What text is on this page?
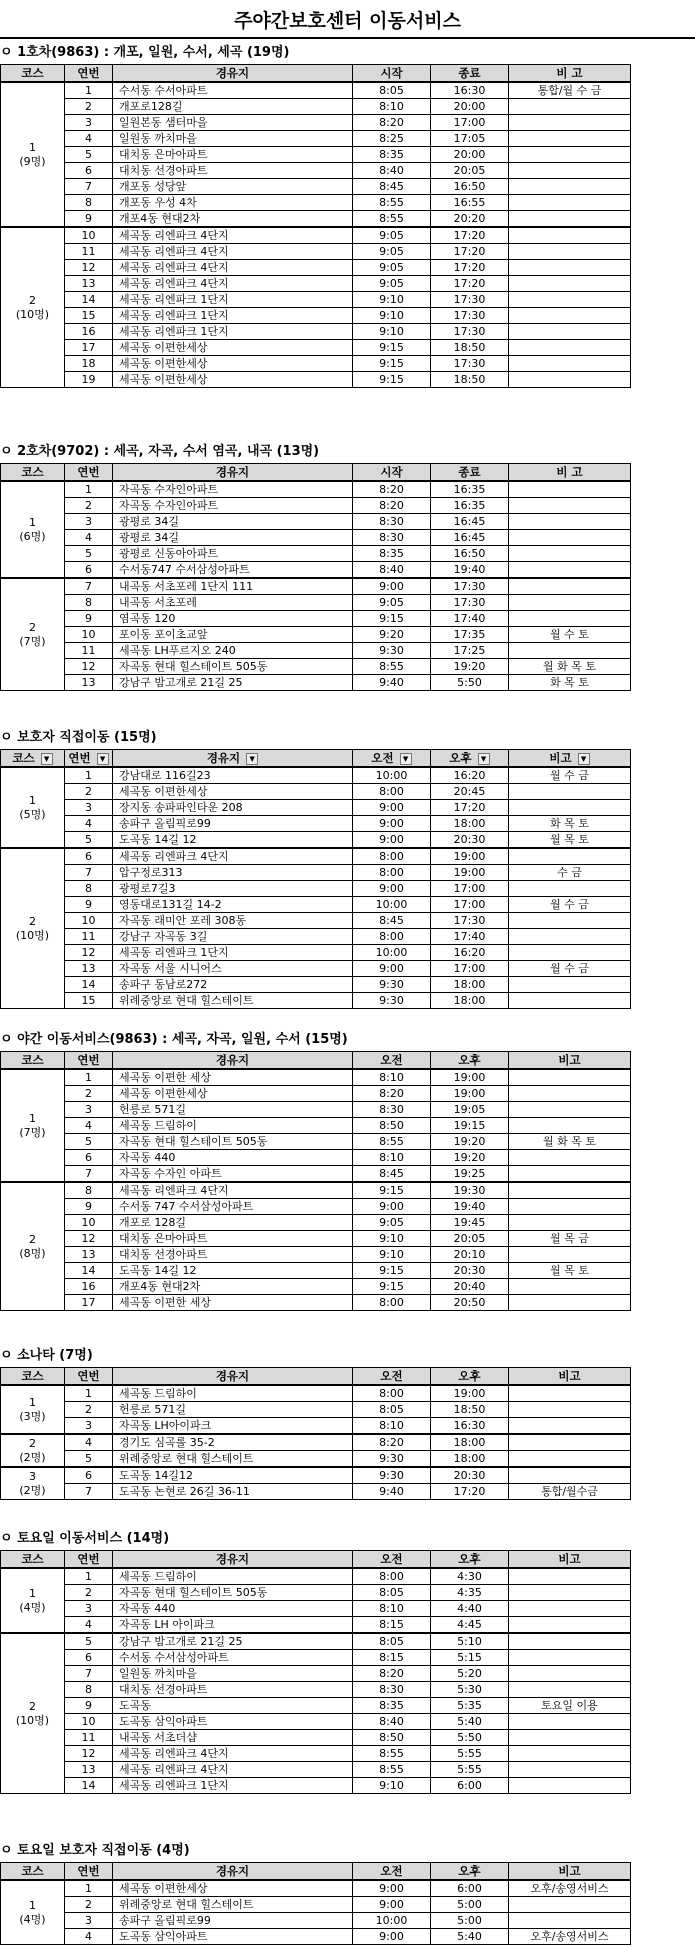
주야간보호센터 이동서비스
ㅇ 1호차(9863) : 개포, 일원, 수서, 세곡 (19명)
코스	연번	경유지	시작	종료	비 고

1
(9명)	1	수서동 수서아파트	8:05	16:30	통합/월 수 금
	2	개포로128길	8:10	20:00	
	3	일원본동 샘터마을	8:20	17:00	
	4	일원동 까치마을	8:25	17:05	
	5	대치동 은마아파트	8:35	20:00	
	6	대치동 선경아파트	8:40	20:05	
	7	개포동 성당앞	8:45	16:50	
	8	개포동 우성 4차	8:55	16:55	
	9	개포4동 현대2차	8:55	20:20	

2
(10명)	10	세곡동 리엔파크 4단지	9:05	17:20	
	11	세곡동 리엔파크 4단지	9:05	17:20	
	12	세곡동 리엔파크 4단지	9:05	17:20	
	13	세곡동 리엔파크 4단지	9:05	17:20	
	14	세곡동 리엔파크 1단지	9:10	17:30	
	15	세곡동 리엔파크 1단지	9:10	17:30	
	16	세곡동 리엔파크 1단지	9:10	17:30	
	17	세곡동 이편한세상	9:15	18:50	
	18	세곡동 이편한세상	9:15	17:30	
	19	세곡동 이편한세상	9:15	18:50	
ㅇ 2호차(9702) : 세곡, 자곡, 수서 염곡, 내곡 (13명)
코스	연번	경유지	시작	종료	비 고

1
(6명)	1	자곡동 수자인아파트	8:20	16:35	
	2	자곡동 수자인아파트	8:20	16:35	
	3	광평로 34길	8:30	16:45	
	4	광평로 34길	8:30	16:45	
	5	광평로 신동아아파트	8:35	16:50	
	6	수서동747 수서삼성아파트	8:40	19:40	

2
(7명)	7	내곡동 서초포레 1단지 111	9:00	17:30	
	8	내곡동 서초포레	9:05	17:30	
	9	염곡동 120	9:15	17:40	
	10	포이동 포이초교앞	9:20	17:35	월 수 토
	11	세곡동 LH푸르지오 240	9:30	17:25	
	12	자곡동 현대 힐스테이트 505동	8:55	19:20	월 화 목 토
	13	강남구 밤고개로 21길 25	9:40	5:50	화 목 토
ㅇ 보호자 직접이동 (15명)
코스 ▼	연번 ▼	경유지 ▼	오전 ▼	오후 ▼	비고 ▼

1
(5명)	1	강남대로 116길23	10:00	16:20	월 수 금
	2	세곡동 이편한세상	8:00	20:45	
	3	장지동 송파파인타운 208	9:00	17:20	
	4	송파구 올림픽로99	9:00	18:00	화 목 토
	5	도곡동 14길 12	9:00	20:30	월 목 토

2
(10명)	6	세곡동 리엔파크 4단지	8:00	19:00	
	7	압구정로313	8:00	19:00	수 금
	8	광평로7길3	9:00	17:00	
	9	영동대로131길 14-2	10:00	17:00	월 수 금
	10	자곡동 래미안 포레 308동	8:45	17:30	
	11	강남구 자곡동 3길	8:00	17:40	
	12	세곡동 리엔파크 1단지	10:00	16:20	
	13	자곡동 서울 시니어스	9:00	17:00	월 수 금
	14	송파구 동남로272	9:30	18:00	
	15	위례중앙로 현대 힐스테이트	9:30	18:00	
ㅇ 야간 이동서비스(9863) : 세곡, 자곡, 일원, 수서 (15명)
코스	연번	경유지	오전	오후	비고

1
(7명)	1	세곡동 이편한 세상	8:10	19:00	
	2	세곡동 이편한세상	8:20	19:00	
	3	헌릉로 571길	8:30	19:05	
	4	세곡동 드림하이	8:50	19:15	
	5	자곡동 현대 힐스테이트 505동	8:55	19:20	월 화 목 토
	6	자곡동 440	8:10	19:20	
	7	자곡동 수자인 아파트	8:45	19:25	

2
(8명)	8	세곡동 리엔파크 4단지	9:15	19:30	
	9	수서동 747 수서삼성아파트	9:00	19:40	
	10	개포로 128길	9:05	19:45	
	12	대치동 은마아파트	9:10	20:05	월 목 금
	13	대치동 선경아파트	9:10	20:10	
	14	도곡동 14길 12	9:15	20:30	월 목 토
	16	개포4동 현대2차	9:15	20:40	
	17	세곡동 이편한 세상	8:00	20:50	
ㅇ 소나타 (7명)
코스	연번	경유지	오전	오후	비고

1
(3명)	1	세곡동 드림하이	8:00	19:00	
	2	헌릉로 571길	8:05	18:50	
	3	자곡동 LH아이파크	8:10	16:30	

2
(2명)	4	경기도 심곡롤 35-2	8:20	18:00	
	5	위례중앙로 현대 힐스테이트	9:30	18:00	

3
(2명)	6	도곡동 14길12	9:30	20:30	
	7	도곡동 논현로 26길 36-11	9:40	17:20	통합/월수금
ㅇ 토요일 이동서비스 (14명)
코스	연번	경유지	오전	오후	비고

1
(4명)	1	세곡동 드림하이	8:00	4:30	
	2	자곡동 현대 힐스테이트 505동	8:05	4:35	
	3	자곡동 440	8:10	4:40	
	4	자곡동 LH 아이파크	8:15	4:45	

2
(10명)	5	강남구 밤고개로 21길 25	8:05	5:10	
	6	수서동 수서삼성아파트	8:15	5:15	
	7	일원동 까치마을	8:20	5:20	
	8	대치동 선경아파트	8:30	5:30	
	9	도곡동	8:35	5:35	토요일 이용
	10	도곡동 삼익아파트	8:40	5:40	
	11	내곡동 서초더샵	8:50	5:50	
	12	세곡동 리엔파크 4단지	8:55	5:55	
	13	세곡동 리엔파크 4단지	8:55	5:55	
	14	세곡동 리엔파크 1단지	9:10	6:00	
ㅇ 토요일 보호자 직접이동 (4명)
코스	연번	경유지	오전	오후	비고

1
(4명)	1	세곡동 이편한세상	9:00	6:00	오후/송영서비스
	2	위례중앙로 현대 힐스테이트	9:00	5:00	
	3	송파구 올림픽로99	10:00	5:00	
	4	도곡동 삼익아파트	9:00	5:40	오후/송영서비스
